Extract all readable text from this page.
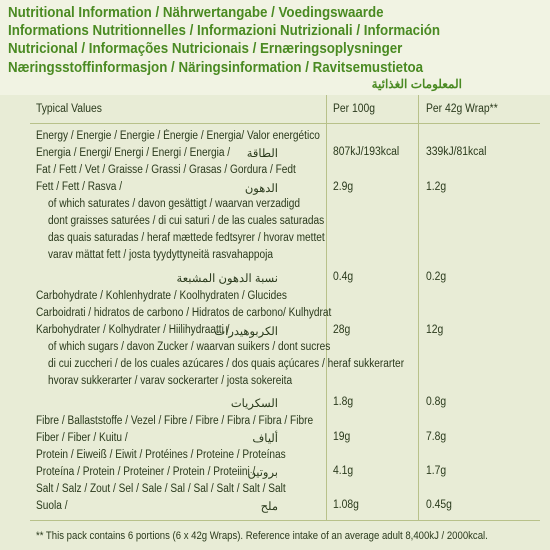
Nutritional Information / Nährwertangabe / Voedingswaarde
Informations Nutritionnelles / Informazioni Nutrizionali / Información
Nutricional / Informações Nutricionais / Ernæringsoplysninger
Næringsstoffinformasjon / Näringsinformation / Ravitsemustietoa
المعلومات الغذائية
Typical Values	Per 100g	Per 42g Wrap**
Energy / Energie / Energie / Énergie / Energia/ Valor energético
Energia / Energi/ Energi / Energi / Energia / الطاقة	807kJ/193kcal 339kJ/81kcal
Fat / Fett / Vet / Graisse / Grassi / Grasas / Gordura / Fedt
Fett / Fett / Rasva /	الدهون	2.9g	1.2g
of which saturates / davon gesättigt / waarvan verzadigd
dont graisses saturées / di cui saturi / de las cuales saturadas
das quais saturadas / heraf mættede fedtsyrer / hvorav mettet
varav mättat fett / josta tyydyttyneitä rasvahappoja
نسبة الدهون المشبعة	0.4g	0.2g
Carbohydrate / Kohlenhydrate / Koolhydraten / Glucides
Carboidrati / hidratos de carbono / Hidratos de carbono/ Kulhydrat
Karbohydrater / Kolhydrater / Hiilihydraatti /
الكربوهيدرات	28g	12g
of which sugars / davon Zucker / waarvan suikers / dont sucres
di cui zuccheri / de los cuales azúcares / dos quais açúcares / heraf sukkerarter
hvorav sukkerarter / varav sockerarter / josta sokereita
السكريات	1.8g	0.8g
Fibre / Ballaststoffe / Vezel / Fibre / Fibre / Fibra / Fibra / Fibre
Fiber / Fiber / Kuitu /	ألياف	19g	7.8g
Protein / Eiweiß / Eiwit / Protéines / Proteine / Proteínas
Proteína / Protein / Proteiner / Protein / Proteiini /
بروتين	4.1g	1.7g
Salt / Salz / Zout / Sel / Sale / Sal / Sal / Salt / Salt / Salt
Suola /	ملح	1.08g	0.45g
** This pack contains 6 portions (6 x 42g Wraps). Reference intake of an average adult 8,400kJ / 2000kcal.
